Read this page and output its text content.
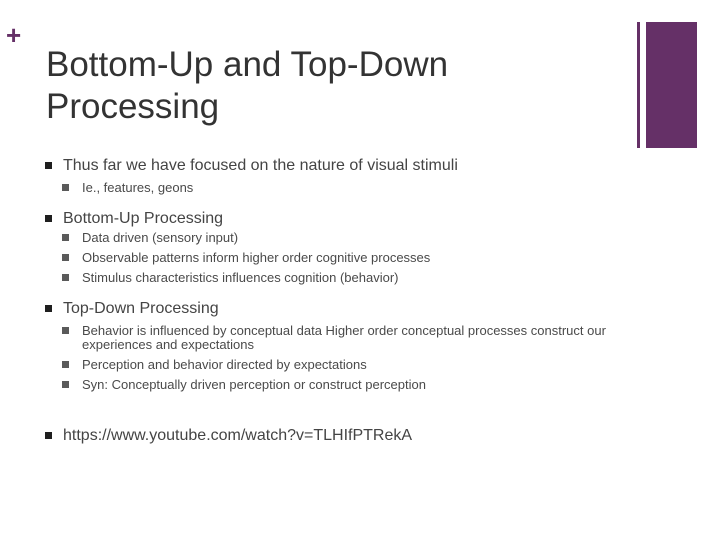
+
Bottom-Up and Top-Down Processing
Thus far we have focused on the nature of visual stimuli
Ie., features, geons
Bottom-Up Processing
Data driven (sensory input)
Observable patterns inform higher order cognitive processes
Stimulus characteristics influences cognition (behavior)
Top-Down Processing
Behavior is influenced by conceptual data Higher order conceptual processes construct our experiences and expectations
Perception and behavior directed by expectations
Syn: Conceptually driven perception or construct perception
https://www.youtube.com/watch?v=TLHIfPTRekA
